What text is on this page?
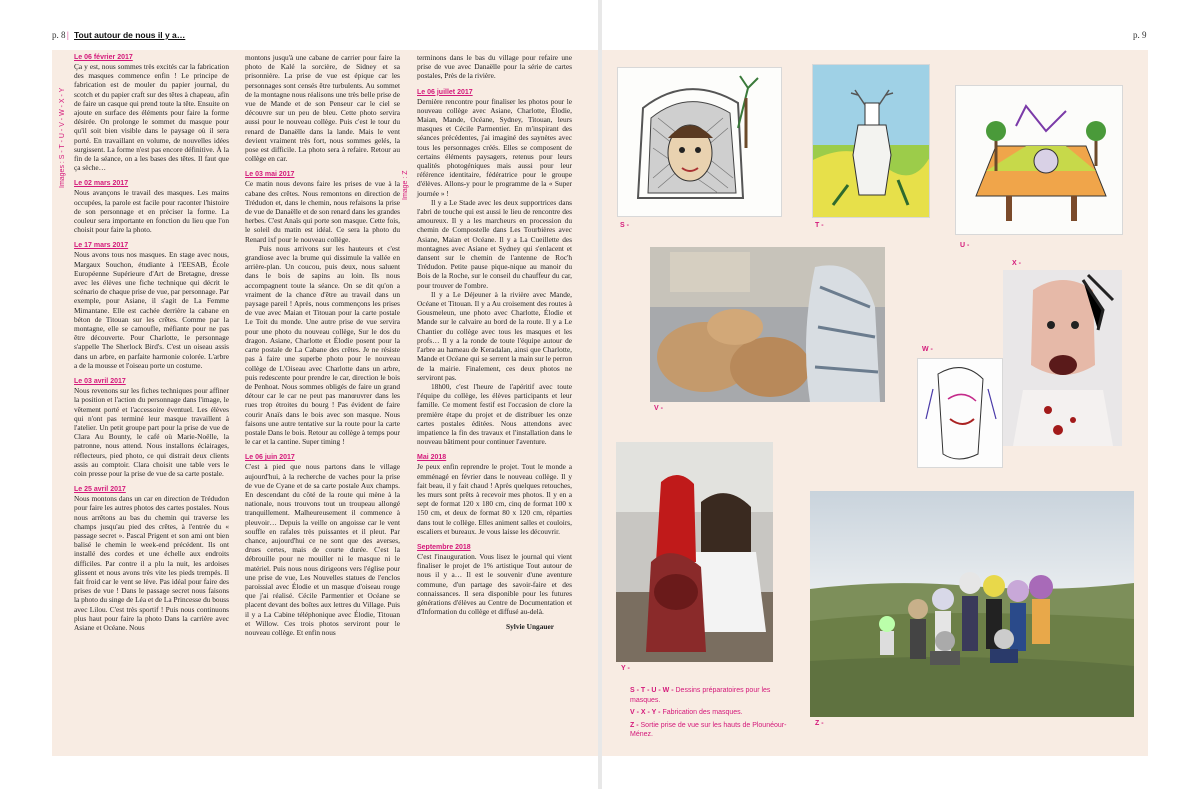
p. 8 | Tout autour de nous il y a…	p. 9
Images : S - T - U - V - W - X - Y	Image : Z
Le 06 février 2017

Ça y est, nous sommes très excités car la fabrication des masques commence enfin ! Le principe de fabrication est de mouler du papier journal, du scotch et du papier craft sur des têtes à chapeau, afin de faire un casque qui prend toute la tête. Ensuite on ajoute en surface des éléments pour faire la forme désirée. On prolonge le sommet du masque pour qu'il soit bien visible dans le paysage où il sera porté. En travaillant en volume, de nouvelles idées surgissent. La forme n'est pas encore définitive. À la fin de la séance, on a les bases des têtes. Il faut que ça sèche…

Le 02 mars 2017

Nous avançons le travail des masques. Les mains occupées, la parole est facile pour raconter l'histoire de son personnage et en préciser la forme. La couleur sera importante en fonction du lieu que l'on choisit pour faire la photo.

Le 17 mars 2017

Nous avons tous nos masques. En stage avec nous, Margaux Souchon, étudiante à l'EESAB, École Européenne Supérieure d'Art de Bretagne, dresse avec les élèves une fiche technique qui décrit le scénario de chaque prise de vue, par personnage. Par exemple, pour Asiane, il s'agit de La Femme Mimantane. Elle est cachée derrière la cabane en béton de Titouan sur les crêtes. Comme par la montagne, elle se camoufle, méfiante pour ne pas être découverte. Pour Charlotte, le personnage s'appelle The Sherlock Bird's. C'est un oiseau assis dans un arbre, en parfaite harmonie colorée. L'arbre a de la mousse et l'oiseau porte un costume.

Le 03 avril 2017

Nous revenons sur les fiches techniques pour affiner la position et l'action du personnage dans l'image, le vêtement porté et l'accessoire éventuel. Les élèves qui n'ont pas terminé leur masque travaillent à l'atelier. Un petit groupe part pour la prise de vue de Clara Au Bounty, le café où Marie-Noëlle, la patronne, nous attend. Nous installons éclairages, réflecteurs, pied photo, ce qui distrait deux clients assis au comptoir. Clara choisit une table vers le coin presse pour la prise de vue de sa carte postale.

Le 25 avril 2017

Nous montons dans un car en direction de Trédudon pour faire les autres photos des cartes postales. Nous nous arrêtons au bas du chemin qui traverse les champs jusqu'au pied des crêtes, à l'entrée du « passage secret ». Pascal Prigent et son ami ont bien balisé le chemin le week-end précédent. Ils ont installé des cordes et une échelle aux endroits difficiles. Par contre il a plu la nuit, les ardoises glissent et nous avons très vite les pieds trempés. Il fait froid car le vent se lève. Pas idéal pour faire des prises de vue ! Dans le passage secret nous faisons la photo du singe de Léa et de La Princesse du bouss avec Lilou. C'est très sportif ! Puis nous continuons plus haut pour faire la photo Dans la carrière avec Asiane et Océane. Nous

montons jusqu'à une cabane de carrier pour faire la photo de Kalé la sorcière, de Sidney et sa prisonnière. La prise de vue est épique car les personnages sont censés être turbulents. Au sommet de la montagne nous réalisons une très belle prise de vue de Mande et de son Penseur car le ciel se découvre sur un peu de bleu. Cette photo servira aussi pour le nouveau collège. Puis c'est le tour du renard de Danaëlle dans la lande. Mais le vent devient vraiment très fort, nous sommes gelés, la pose est difficile. La photo sera à refaire. Retour au collège en car.

Le 03 mai 2017

Ce matin nous devons faire les prises de vue à la cabane des crêtes. Nous remontons en direction de Trédudon et, dans le chemin, nous refaisons la prise de vue de Danaëlle et de son renard dans les grandes herbes. C'est Anaïs qui porte son masque. Cette fois, le soleil du matin est idéal. Ce sera la photo du Renard ixf pour le nouveau collège.

Puis nous arrivons sur les hauteurs et c'est grandiose avec la brume qui dissimule la vallée en arrière-plan. Un coucou, puis deux, nous saluent dans le bois de sapins au loin. Ils nous accompagnent toute la séance. On se dit qu'on a vraiment de la chance d'être au travail dans un paysage pareil ! Après, nous commençons les prises de vue avec Maian et Titouan pour la carte postale Le Toit du monde. Une autre prise de vue servira pour une photo du nouveau collège, Sur le dos du dragon. Asiane, Charlotte et Élodie posent pour la carte postale de La Cabane des crêtes. Je ne résiste pas à faire une superbe photo pour le nouveau collège de L'Oiseau avec Charlotte dans un arbre, puis redescente pour prendre le car, direction le bois de Penhoat. Nous sommes obligés de faire un grand détour car le car ne peut pas manœuvrer dans les rues trop étroites du bourg ! Pas évident de faire courir Anaïs dans le bois avec son masque. Nous faisons une autre tentative sur la route pour la carte postale Dans le bois. Retour au collège à temps pour le car et la cantine. Super timing !

Le 06 juin 2017

C'est à pied que nous partons dans le village aujourd'hui, à la recherche de vaches pour la prise de vue de Cyane et de sa carte postale Aux champs. En descendant du côté de la route qui mène à la nationale, nous trouvons tout un troupeau allongé tranquillement. Malheureusement il commence à pleuvoir… Depuis la veille on angoisse car le vent souffle en rafales très puissantes et il pleut. Par chance, aujourd'hui ce ne sont que des averses, drues certes, mais de courte durée. C'est la débrouille pour ne mouiller ni le masque ni le matériel. Puis nous nous dirigeons vers l'église pour une prise de vue, Les Nouvelles statues de l'enclos paroissial avec Élodie et un masque d'oiseau rouge que j'ai réalisé. Cécile Parmentier et Océane se placent devant des boîtes aux lettres du Village. Puis il y a La Cabine téléphonique avec Élodie, Titouan et Willow. Ces trois photos serviront pour le nouveau collège. Et enfin nous

terminons dans le bas du village pour refaire une prise de vue avec Danaëlle pour la série de cartes postales, Près de la rivière.

Le 06 juillet 2017

Dernière rencontre pour finaliser les photos pour le nouveau collège avec Asiane, Charlotte, Élodie, Maian, Mande, Océane, Sydney, Titouan, leurs masques et Cécile Parmentier. En m'inspirant des séances précédentes, j'ai imaginé des saynètes avec tous les personnages créés. Elles se composent de certains éléments paysagers, retenus pour leurs qualités photogéniques mais aussi pour leur référence identitaire, fédératrice pour le groupe d'élèves. Allons-y pour le programme de la « Super journée » !

Il y a Le Stade avec les deux supportrices dans l'abri de touche qui est aussi le lieu de rencontre des amoureux. Il y a les marcheurs en procession du chemin de Compostelle dans Les Tourbières avec Asiane, Maian et Océane. Il y a La Cueillette des montagnes avec Asiane et Sydney qui s'enlacent et dansent sur le chemin de l'antenne de Roc'h Trédudon. Petite pause pique-nique au manoir du Bois de la Roche, sur le conseil du chauffeur du car, pour trouver de l'ombre.

Il y a Le Déjeuner à la rivière avec Mande, Océane et Titouan. Il y a Au croisement des routes à Gousmeleun, une photo avec Charlotte, Élodie et Mande sur le calvaire au bord de la route. Il y a Le Chantier du collège avec tous les masques et les profs… Il y a la ronde de toute l'équipe autour de l'arbre au hameau de Keradalan, ainsi que Charlotte, Mande et Océane qui se serrent la main sur le perron de la mairie. Finalement, ces deux photos ne serviront pas.

18h00, c'est l'heure de l'apéritif avec toute l'équipe du collège, les élèves participants et leur famille. Ce moment festif est l'occasion de clore la première étape du projet et de distribuer les onze cartes postales éditées. Nous attendons avec impatience la fin des travaux et l'installation dans le nouveau bâtiment pour continuer l'aventure.

Mai 2018

Je peux enfin reprendre le projet. Tout le monde a emménagé en février dans le nouveau collège. Il y fait beau, il y fait chaud ! Après quelques retouches, les murs sont prêts à recevoir mes photos. Il y en a sept de format 120 x 180 cm, cinq de format 100 x 150 cm, et deux de format 80 x 120 cm, réparties dans tout le collège. Elles animent salles et couloirs, escaliers et bureaux. Je vous laisse les découvrir.

Septembre 2018

C'est l'inauguration. Vous lisez le journal qui vient finaliser le projet de 1% artistique Tout autour de nous il y a… Il est le souvenir d'une aventure commune, d'un partage des savoir-faire et des connaissances. Il sera disponible pour les futures générations d'élèves au Centre de Documentation et d'Information du collège et diffusé au-delà.

Sylvie Ungauer
S -	T -
U -
V -
X -
W -
Y -
Z -
S - T - U - W - Dessins préparatoires pour les masques.
V - X - Y - Fabrication des masques.
Z - Sortie prise de vue sur les hauts de Plounéour-Ménez.
